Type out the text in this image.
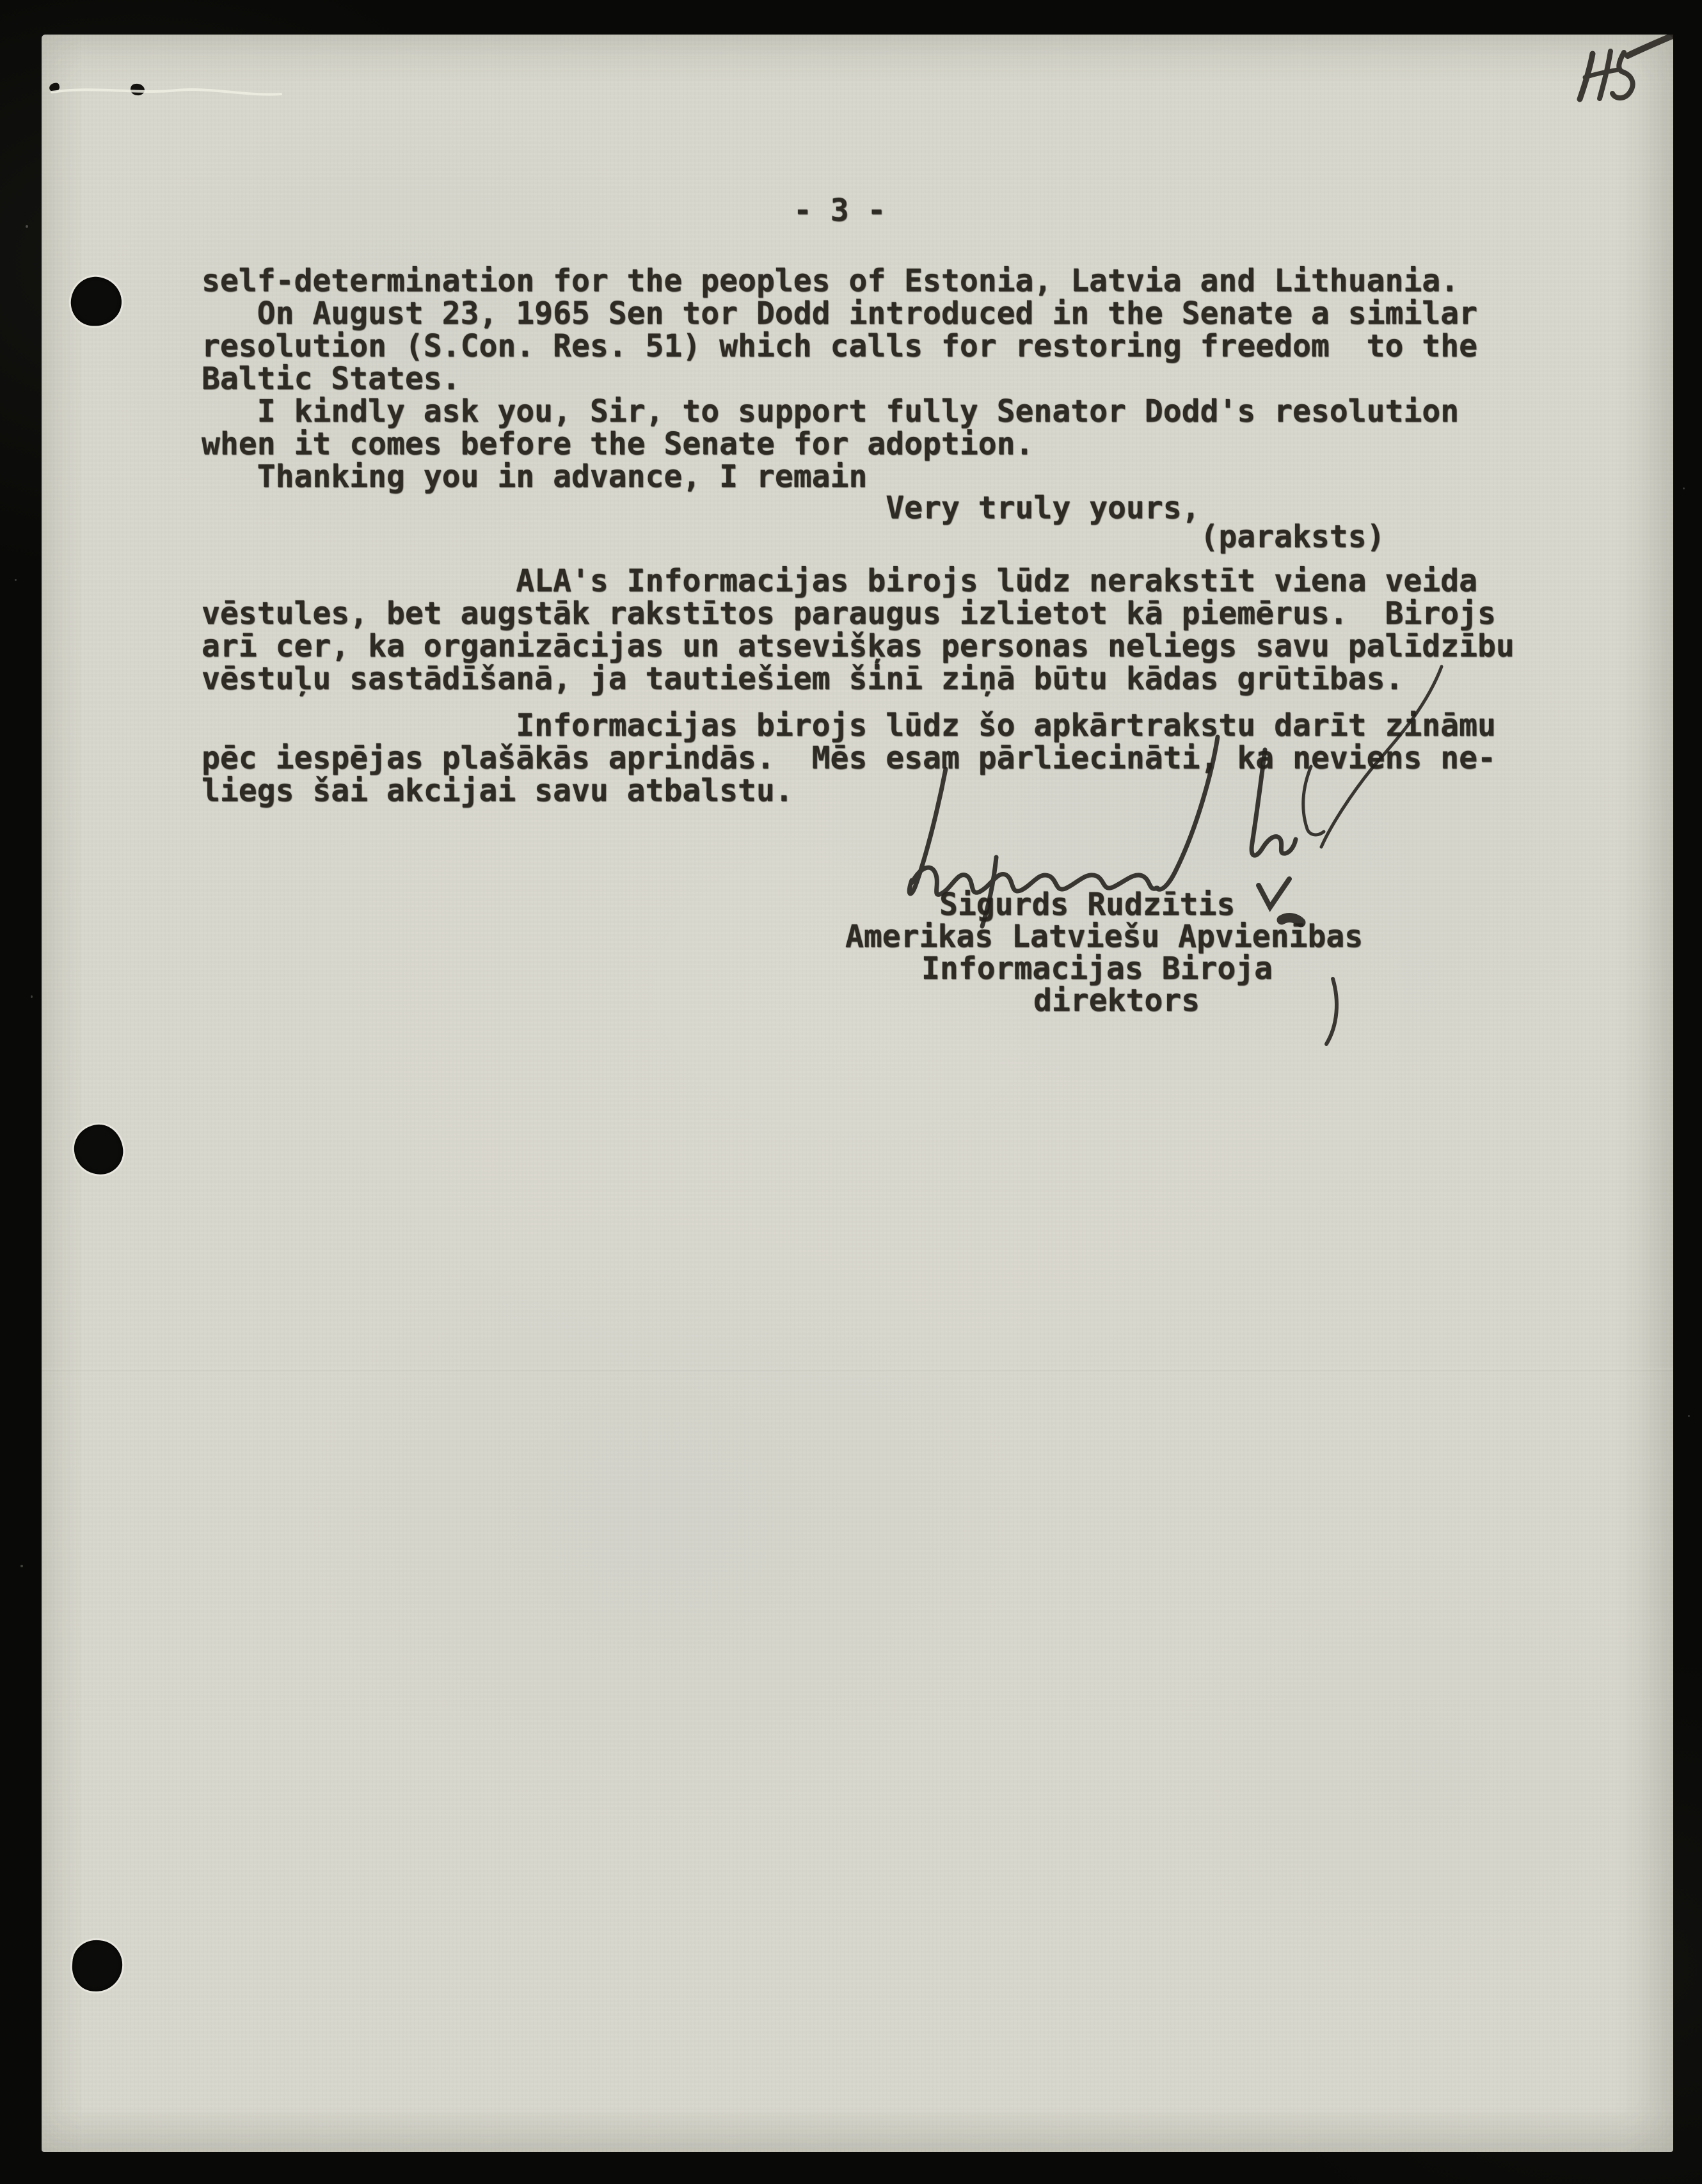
- 3 -
self-determination for the peoples of Estonia, Latvia and Lithuania.
On August 23, 1965 Sen tor Dodd introduced in the Senate a similar
resolution (S.Con. Res. 51) which calls for restoring freedom  to the
Baltic States.
I kindly ask you, Sir, to support fully Senator Dodd's resolution
when it comes before the Senate for adoption.
Thanking you in advance, I remain
Very truly yours,
(paraksts)
ALA's Informacijas birojs lūdz nerakstīt viena veida
vēstules, bet augstāk rakstītos paraugus izlietot kā piemērus.  Birojs
arī cer, ka organizācijas un atsevišķas personas neliegs savu palīdzību
vēstuļu sastādīšanā, ja tautiešiem šinī ziņā būtu kādas grūtības.
Informacijas birojs lūdz šo apkārtrakstu darīt zināmu
pēc iespējas plašākās aprindās.  Mēs esam pārliecināti, ka neviens ne-
liegs šai akcijai savu atbalstu.
Sigurds Rudzītis
Amerikas Latviešu Apvienības
Informacijas Biroja
direktors
